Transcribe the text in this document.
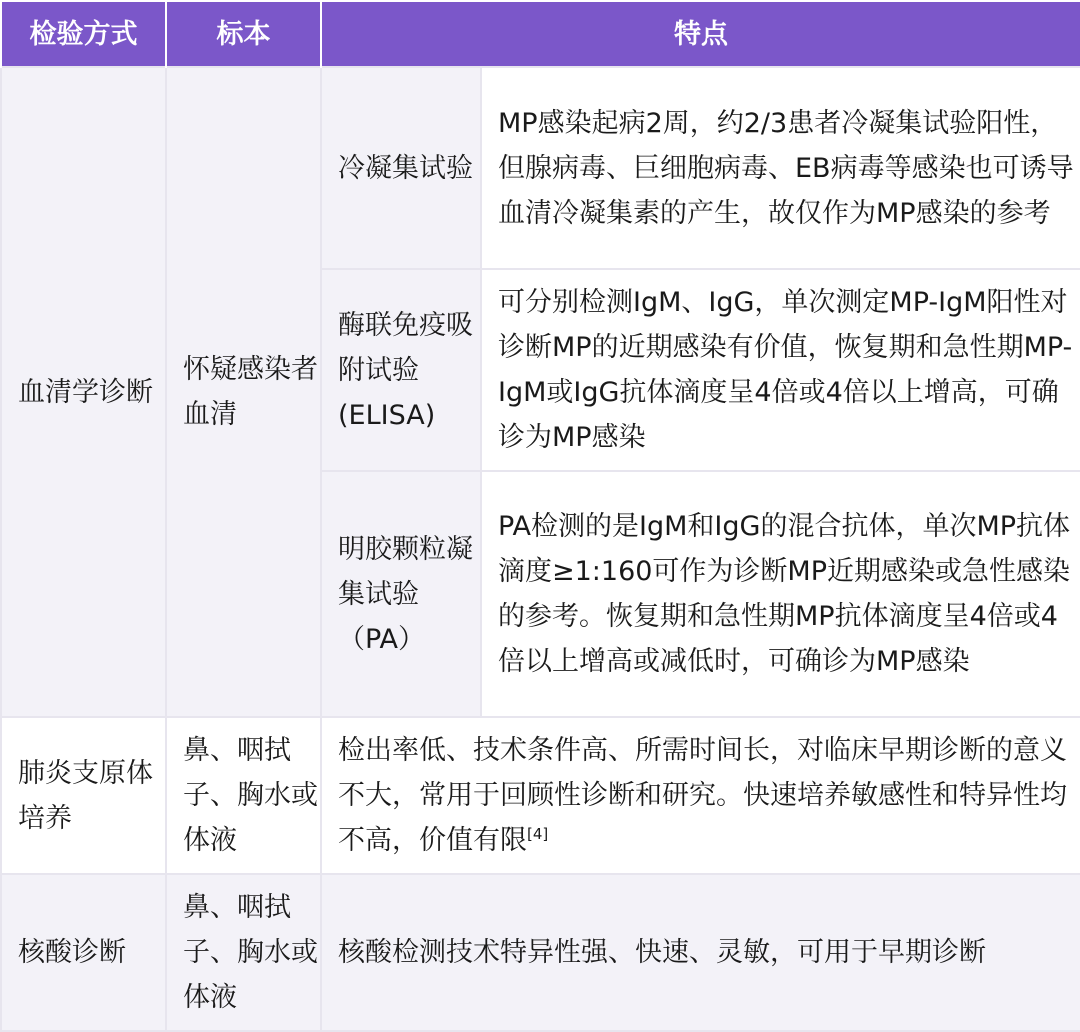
检验方式	标本	特点	
血清学诊断	怀疑感染者血清	冷凝集试验	MP感染起病2周，约2/3患者冷凝集试验阳性，但腺病毒、巨细胞病毒、EB病毒等感染也可诱导血清冷凝集素的产生，故仅作为MP感染的参考
		酶联免疫吸附试验(ELISA)	可分别检测IgM、IgG，单次测定MP-IgM阳性对诊断MP的近期感染有价值，恢复期和急性期MP-IgM或IgG抗体滴度呈4倍或4倍以上增高，可确诊为MP感染
		明胶颗粒凝集试验（PA）	PA检测的是IgM和IgG的混合抗体，单次MP抗体滴度≥1:160可作为诊断MP近期感染或急性感染的参考。恢复期和急性期MP抗体滴度呈4倍或4倍以上增高或减低时，可确诊为MP感染
肺炎支原体培养	鼻、咽拭子、胸水或体液	检出率低、技术条件高、所需时间长，对临床早期诊断的意义不大，常用于回顾性诊断和研究。快速培养敏感性和特异性均不高，价值有限[4]
核酸诊断	鼻、咽拭子、胸水或体液	核酸检测技术特异性强、快速、灵敏，可用于早期诊断	
